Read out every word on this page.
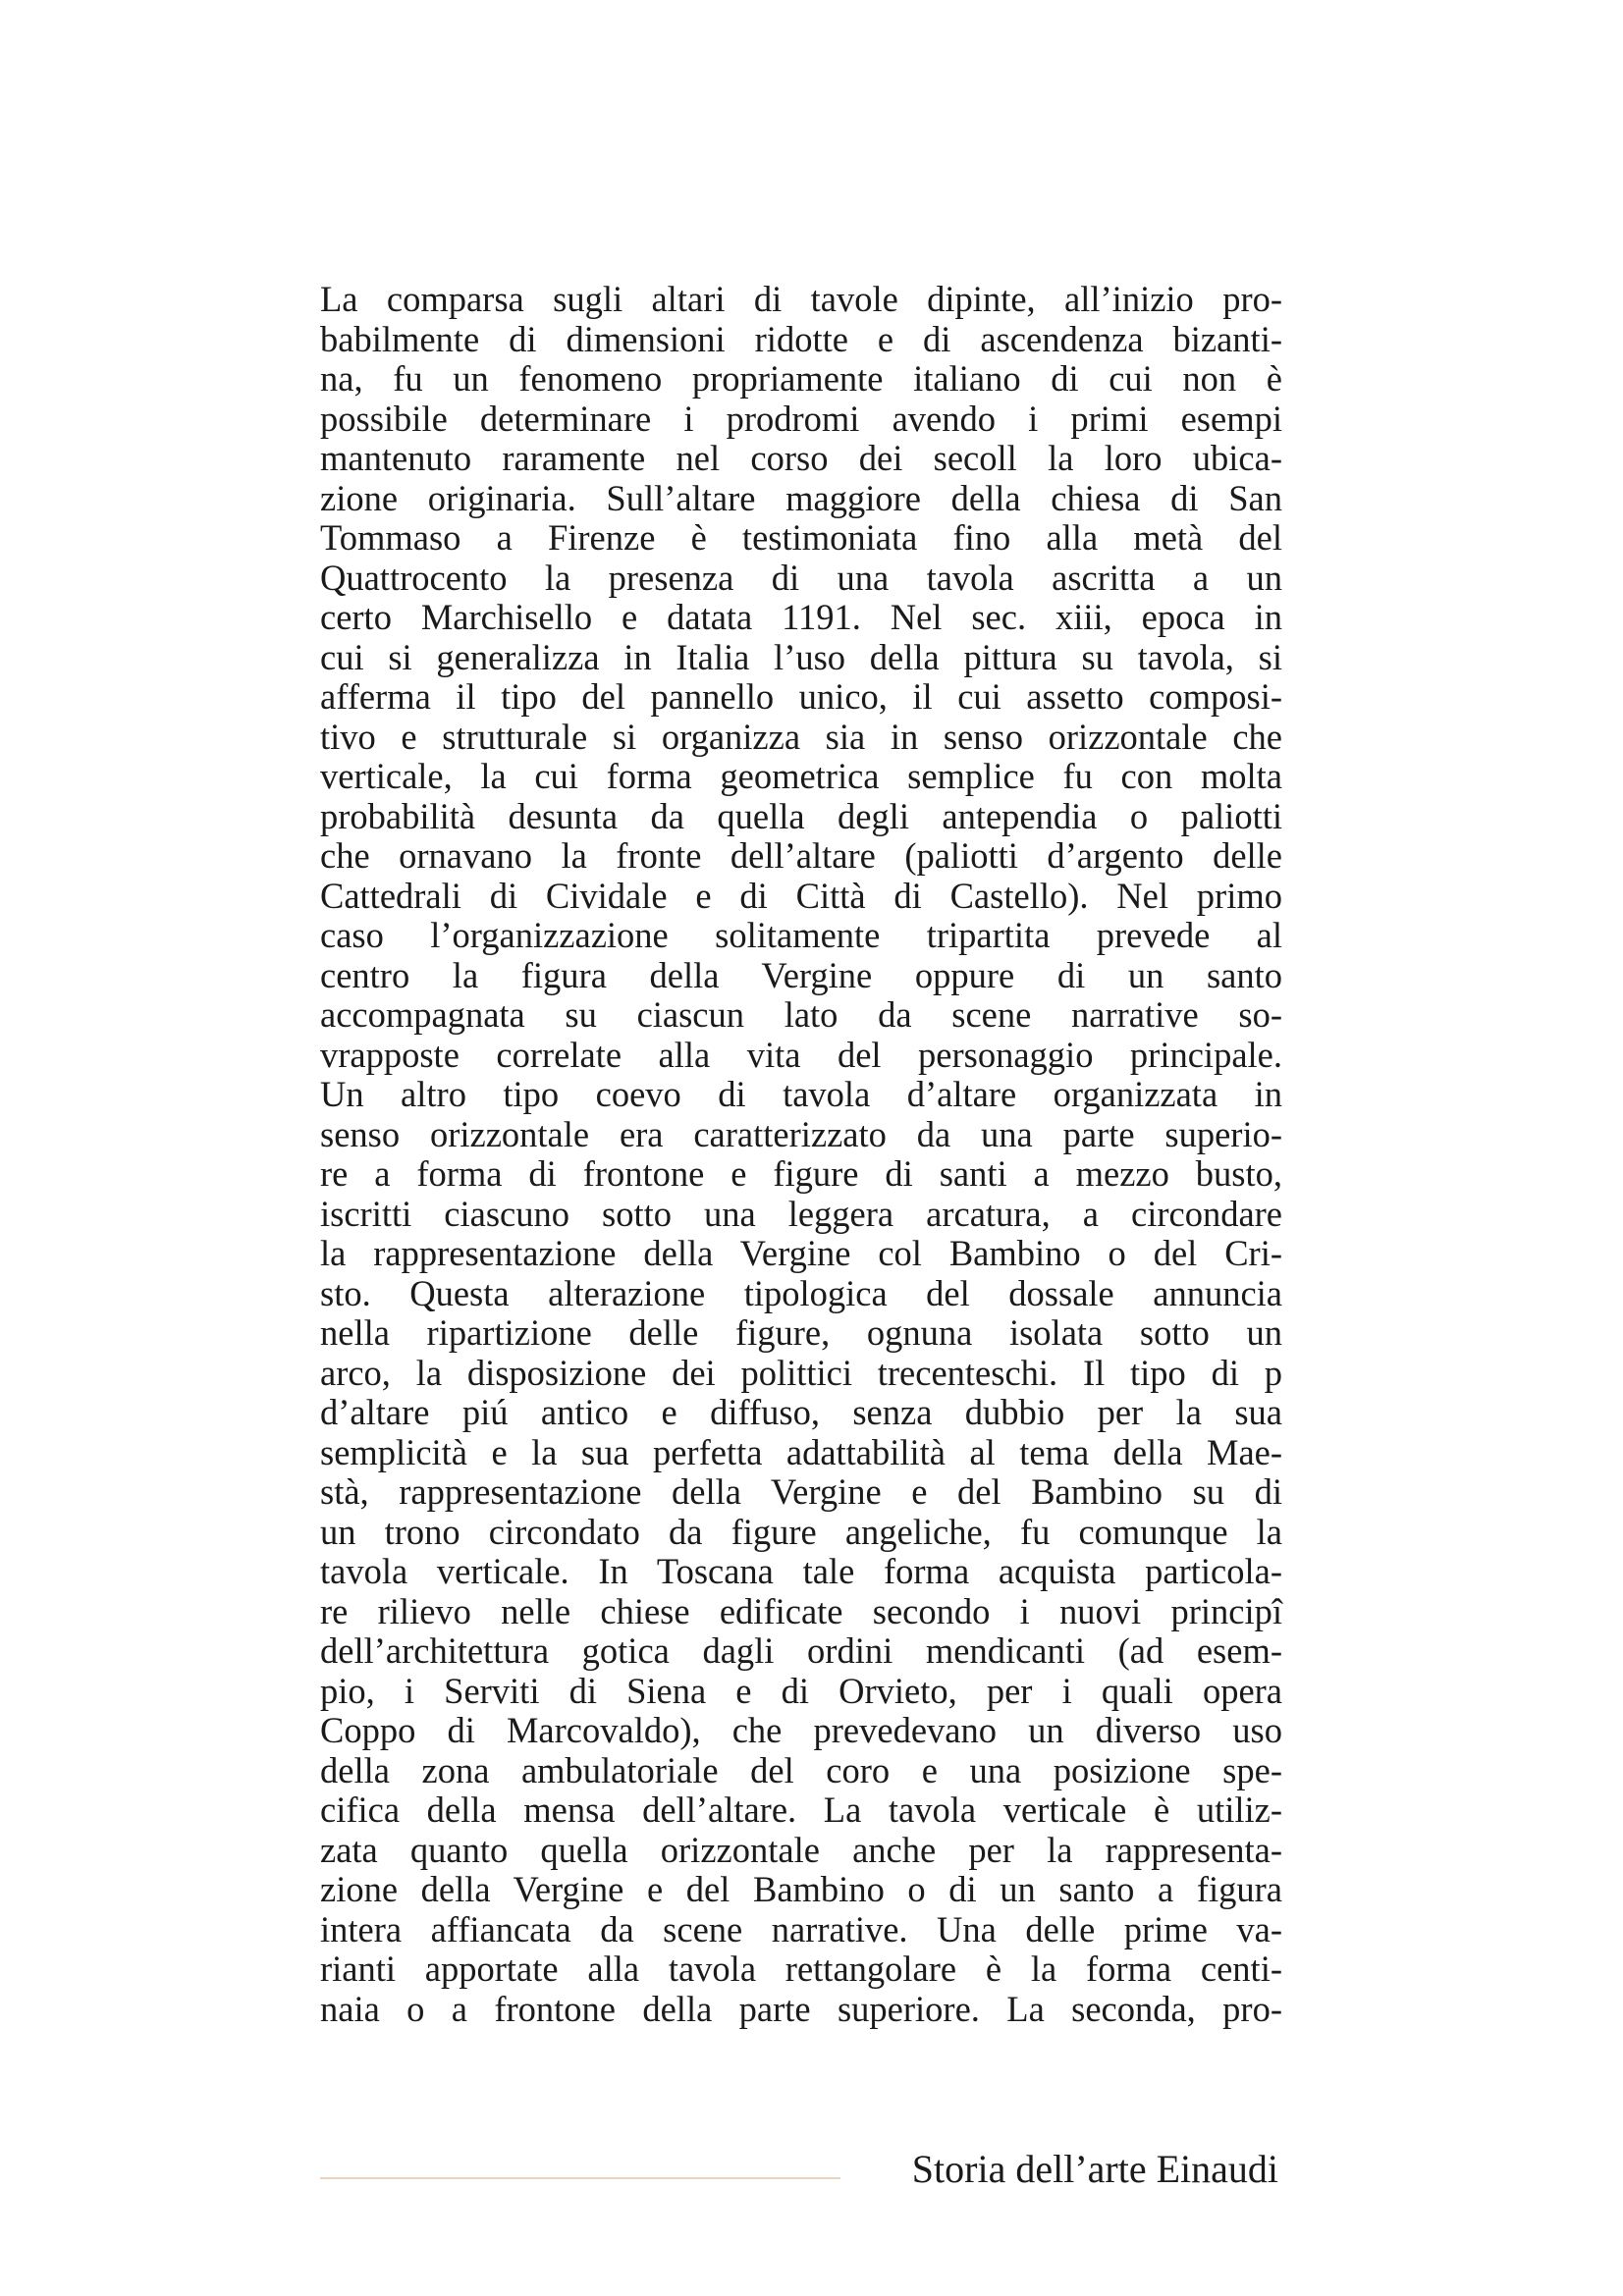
La comparsa sugli altari di tavole dipinte, all’inizio pro-
babilmente di dimensioni ridotte e di ascendenza bizanti-
na, fu un fenomeno propriamente italiano di cui non è
possibile determinare i prodromi avendo i primi esempi
mantenuto raramente nel corso dei secoll la loro ubica-
zione originaria. Sull’altare maggiore della chiesa di San
Tommaso a Firenze è testimoniata fino alla metà del
Quattrocento la presenza di una tavola ascritta a un
certo Marchisello e datata 1191. Nel sec. xiii, epoca in
cui si generalizza in Italia l’uso della pittura su tavola, si
afferma il tipo del pannello unico, il cui assetto composi-
tivo e strutturale si organizza sia in senso orizzontale che
verticale, la cui forma geometrica semplice fu con molta
probabilità desunta da quella degli antependia o paliotti
che ornavano la fronte dell’altare (paliotti d’argento delle
Cattedrali di Cividale e di Città di Castello). Nel primo
caso l’organizzazione solitamente tripartita prevede al
centro la figura della Vergine oppure di un santo
accompagnata su ciascun lato da scene narrative so-
vrapposte correlate alla vita del personaggio principale.
Un altro tipo coevo di tavola d’altare organizzata in
senso orizzontale era caratterizzato da una parte superio-
re a forma di frontone e figure di santi a mezzo busto,
iscritti ciascuno sotto una leggera arcatura, a circondare
la rappresentazione della Vergine col Bambino o del Cri-
sto. Questa alterazione tipologica del dossale annuncia
nella ripartizione delle figure, ognuna isolata sotto un
arco, la disposizione dei polittici trecenteschi. Il tipo di p
d’altare piú antico e diffuso, senza dubbio per la sua
semplicità e la sua perfetta adattabilità al tema della Mae-
stà, rappresentazione della Vergine e del Bambino su di
un trono circondato da figure angeliche, fu comunque la
tavola verticale. In Toscana tale forma acquista particola-
re rilievo nelle chiese edificate secondo i nuovi principî
dell’architettura gotica dagli ordini mendicanti (ad esem-
pio, i Serviti di Siena e di Orvieto, per i quali opera
Coppo di Marcovaldo), che prevedevano un diverso uso
della zona ambulatoriale del coro e una posizione spe-
cifica della mensa dell’altare. La tavola verticale è utiliz-
zata quanto quella orizzontale anche per la rappresenta-
zione della Vergine e del Bambino o di un santo a figura
intera affiancata da scene narrative. Una delle prime va-
rianti apportate alla tavola rettangolare è la forma centi-
naia o a frontone della parte superiore. La seconda, pro-
Storia dell’arte Einaudi
